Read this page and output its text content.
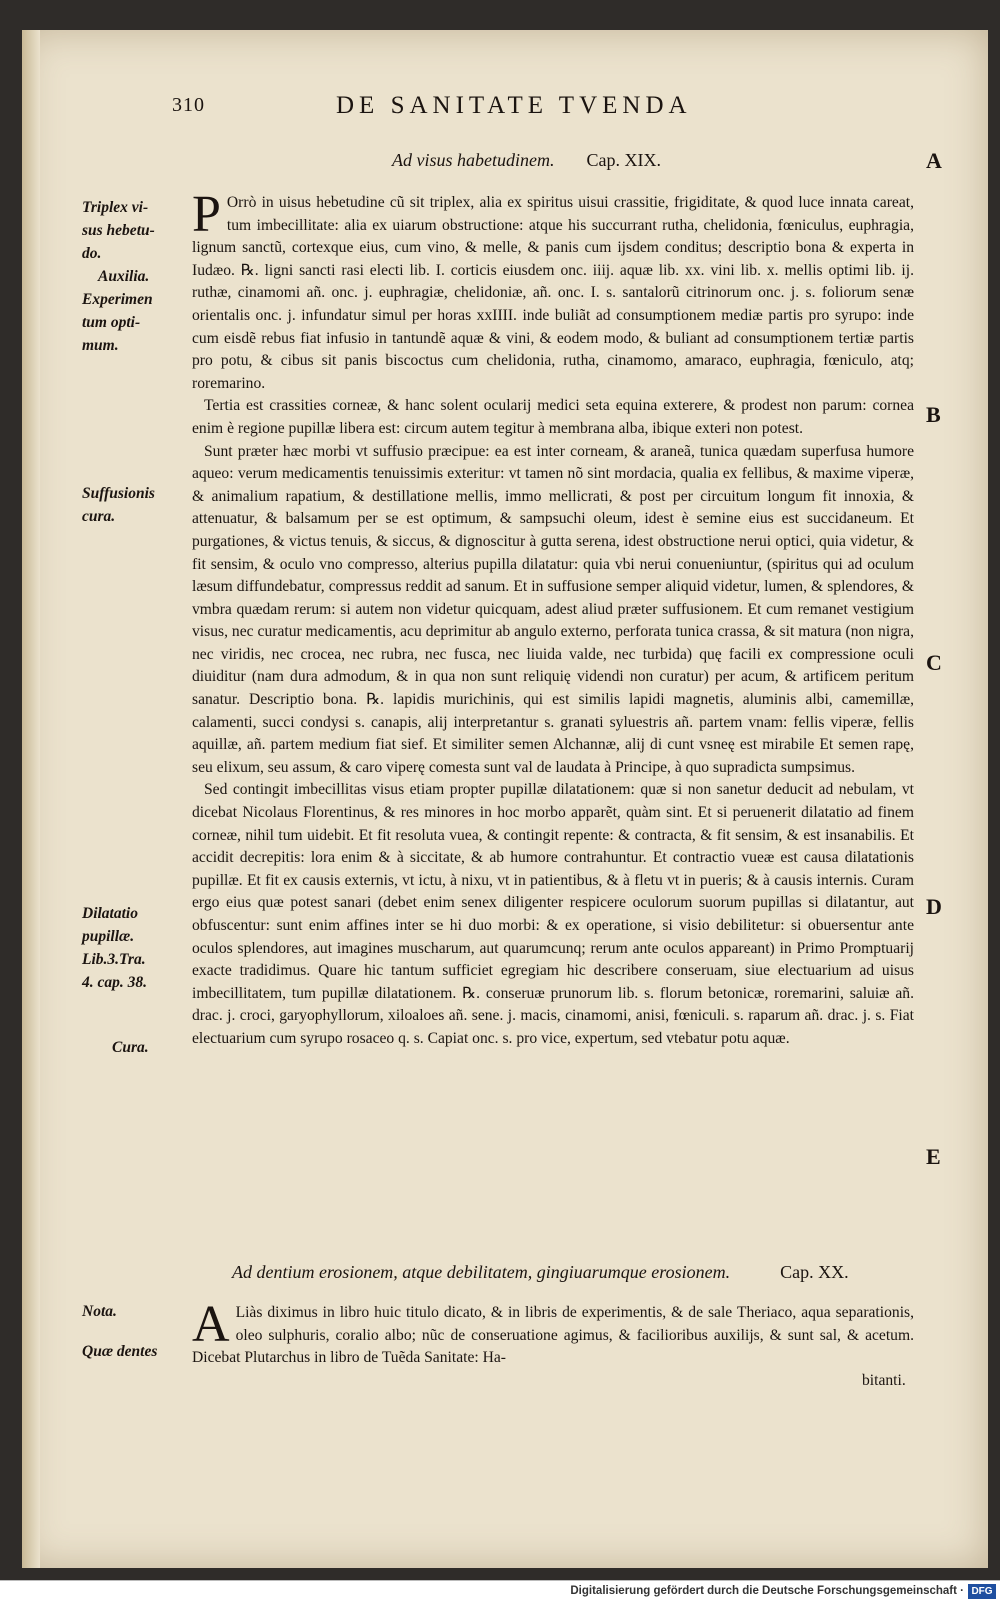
310	DE SANITATE TVENDA
Ad visus habetudinem. Cap. XIX.	A
B
C
D
E
Triplex vi-
sus hebetu-
do.
Auxilia.
Experimen
tum opti-
mum.
Suffusionis
cura.
Dilatatio
pupillæ.
Lib.3.Tra.
4. cap. 38.
Cura.
Nota.
Quæ dentes

P Orrò in uisus hebetudine cũ sit triplex, alia ex spiritus uisui crassitie, frigiditate, & quod luce innata careat, tum imbecillitate: alia ex uiarum obstructione: atque his succurrant rutha, chelidonia, fœniculus, euphragia, lignum sanctũ, cortexque eius, cum vino, & melle, & panis cum ijsdem conditus; descriptio bona & experta in Iudæo. ℞. ligni sancti rasi electi lib. I. corticis eiusdem onc. iiij. aquæ lib. xx. vini lib. x. mellis optimi lib. ij. ruthæ, cinamomi añ. onc. j. euphragiæ, chelidoniæ, añ. onc. I. s. santalorũ citrinorum onc. j. s. foliorum senæ orientalis onc. j. infundatur simul per horas xxIIII. inde buliãt ad consumptionem mediæ partis pro syrupo: inde cum eisdẽ rebus fiat infusio in tantundẽ aquæ & vini, & eodem modo, & buliant ad consumptionem tertiæ partis pro potu, & cibus sit panis biscoctus cum chelidonia, rutha, cinamomo, amaraco, euphragia, fœniculo, atq; roremarino.

Tertia est crassities corneæ, & hanc solent ocularij medici seta equina exterere, & prodest non parum: cornea enim è regione pupillæ libera est: circum autem tegitur à membrana alba, ibique exteri non potest.

Sunt præter hæc morbi vt suffusio præcipue: ea est inter corneam, & araneã, tunica quædam superfusa humore aqueo: verum medicamentis tenuissimis exteritur: vt tamen nõ sint mordacia, qualia ex fellibus, & maxime viperæ, & animalium rapatium, & destillatione mellis, immo mellicrati, & post per circuitum longum fit innoxia, & attenuatur, & balsamum per se est optimum, & sampsuchi oleum, idest è semine eius est succidaneum. Et purgationes, & victus tenuis, & siccus, & dignoscitur à gutta serena, idest obstructione nerui optici, quia videtur, & fit sensim, & oculo vno compresso, alterius pupilla dilatatur: quia vbi nerui conueniuntur, (spiritus qui ad oculum læsum diffundebatur, compressus reddit ad sanum. Et in suffusione semper aliquid videtur, lumen, & splendores, & vmbra quædam rerum: si autem non videtur quicquam, adest aliud præter suffusionem. Et cum remanet vestigium visus, nec curatur medicamentis, acu deprimitur ab angulo externo, perforata tunica crassa, & sit matura (non nigra, nec viridis, nec crocea, nec rubra, nec fusca, nec liuida valde, nec turbida) quę facili ex compressione oculi diuiditur (nam dura admodum, & in qua non sunt reliquię videndi non curatur) per acum, & artificem peritum sanatur. Descriptio bona. ℞. lapidis murichinis, qui est similis lapidi magnetis, aluminis albi, camemillæ, calamenti, succi condysi s. canapis, alij interpretantur s. granati syluestris añ. partem vnam: fellis viperæ, fellis aquillæ, añ. partem medium fiat sief. Et similiter semen Alchannæ, alij di cunt vsneę est mirabile Et semen rapę, seu elixum, seu assum, & caro viperę comesta sunt val de laudata à Principe, à quo supradicta sumpsimus.

Sed contingit imbecillitas visus etiam propter pupillæ dilatationem: quæ si non sanetur deducit ad nebulam, vt dicebat Nicolaus Florentinus, & res minores in hoc morbo apparẽt, quàm sint. Et si peruenerit dilatatio ad finem corneæ, nihil tum uidebit. Et fit resoluta vuea, & contingit repente: & contracta, & fit sensim, & est insanabilis. Et accidit decrepitis: lora enim & à siccitate, & ab humore contrahuntur. Et contractio vueæ est causa dilatationis pupillæ. Et fit ex causis externis, vt ictu, à nixu, vt in patientibus, & à fletu vt in pueris; & à causis internis. Curam ergo eius quæ potest sanari (debet enim senex diligenter respicere oculorum suorum pupillas si dilatantur, aut obfuscentur: sunt enim affines inter se hi duo morbi: & ex operatione, si visio debilitetur: si obuersentur ante oculos splendores, aut imagines muscharum, aut quarumcunq; rerum ante oculos appareant) in Primo Promptuarij exacte tradidimus. Quare hic tantum sufficiet egregiam hic describere conseruam, siue electuarium ad uisus imbecillitatem, tum pupillæ dilatationem. ℞. conseruæ prunorum lib. s. florum betonicæ, roremarini, saluiæ añ. drac. j. croci, garyophyllorum, xiloaloes añ. sene. j. macis, cinamomi, anisi, fœniculi. s. raparum añ. drac. j. s. Fiat electuarium cum syrupo rosaceo q. s. Capiat onc. s. pro vice, expertum, sed vtebatur potu aquæ.

Ad dentium erosionem, atque debilitatem, gingiuarumque erosionem.	Cap. XX.

A Liàs diximus in libro huic titulo dicato, & in libris de experimentis, & de sale Theriaco, aqua separationis, oleo sulphuris, coralio albo; nũc de conseruatione agimus, & facilioribus auxilijs, & sunt sal, & acetum. Dicebat Plutarchus in libro de Tuẽda Sanitate: Ha-

bitanti.
Digitalisierung gefördert durch die Deutsche Forschungsgemeinschaft · DFG
